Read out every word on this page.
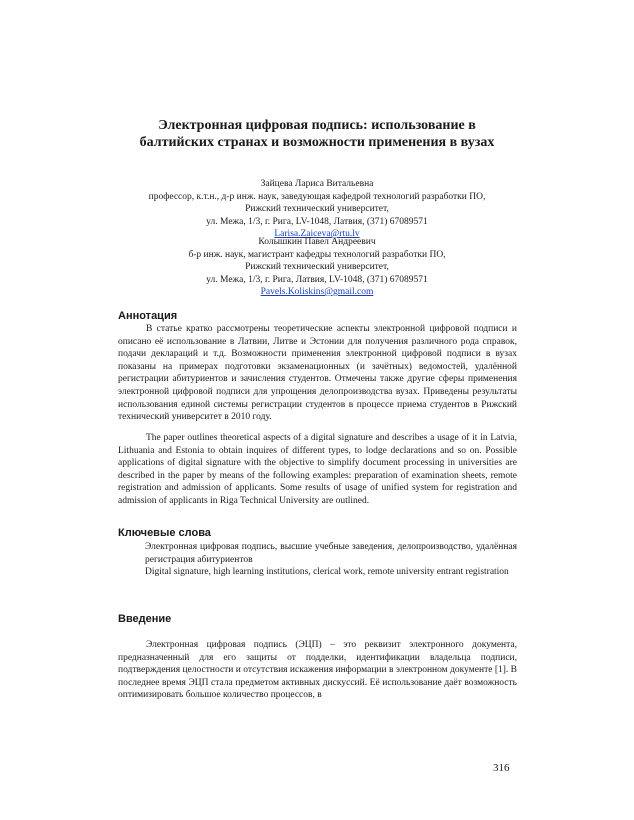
Электронная цифровая подпись: использование в
балтийских странах и возможности применения в вузах
Зайцева Лариса Витальевна
профессор, к.т.н., д-р инж. наук, заведующая кафедрой технологий разработки ПО,
Рижский технический университет,
ул. Межа, 1/3, г. Рига, LV-1048, Латвия, (371) 67089571
Larisa.Zaiceva@rtu.lv
Колышкин Павел Андреевич
б-р инж. наук, магистрант кафедры технологий разработки ПО,
Рижский технический университет,
ул. Межа, 1/3, г. Рига, Латвия, LV-1048, (371) 67089571
Pavels.Koliskins@gmail.com
Аннотация

В статье кратко рассмотрены теоретические аспекты электронной цифровой подписи и описано её использование в Латвии, Литве и Эстонии для получения различного рода справок, подачи деклараций и т.д. Возможности применения электронной цифровой подписи в вузах показаны на примерах подготовки экзаменационных (и зачётных) ведомостей, удалённой регистрации абитуриентов и зачисления студентов. Отмечены также другие сферы применения электронной цифровой подписи для упрощения делопроизводства вузах. Приведены результаты использования единой системы регистрации студентов в процессе приема студентов в Рижский технический университет в 2010 году.

The paper outlines theoretical aspects of a digital signature and describes a usage of it in Latvia, Lithuania and Estonia to obtain inquires of different types, to lodge declarations and so on. Possible applications of digital signature with the objective to simplify document processing in universities are described in the paper by means of the following examples: preparation of examination sheets, remote registration and admission of applicants. Some results of usage of unified system for registration and admission of applicants in Riga Technical University are outlined.

Ключевые слова

Электронная цифровая подпись, высшие учебные заведения, делопроизводство, удалённая регистрация абитуриентов

Digital signature, high learning institutions, clerical work, remote university entrant registration

Введение

Электронная цифровая подпись (ЭЦП) – это реквизит электронного документа, предназначенный для его защиты от подделки, идентификации владельца подписи, подтверждения целостности и отсутствия искажения информации в электронном документе [1]. В последнее время ЭЦП стала предметом активных дискуссий. Её использование даёт возможность оптимизировать большое количество процессов, в

316
